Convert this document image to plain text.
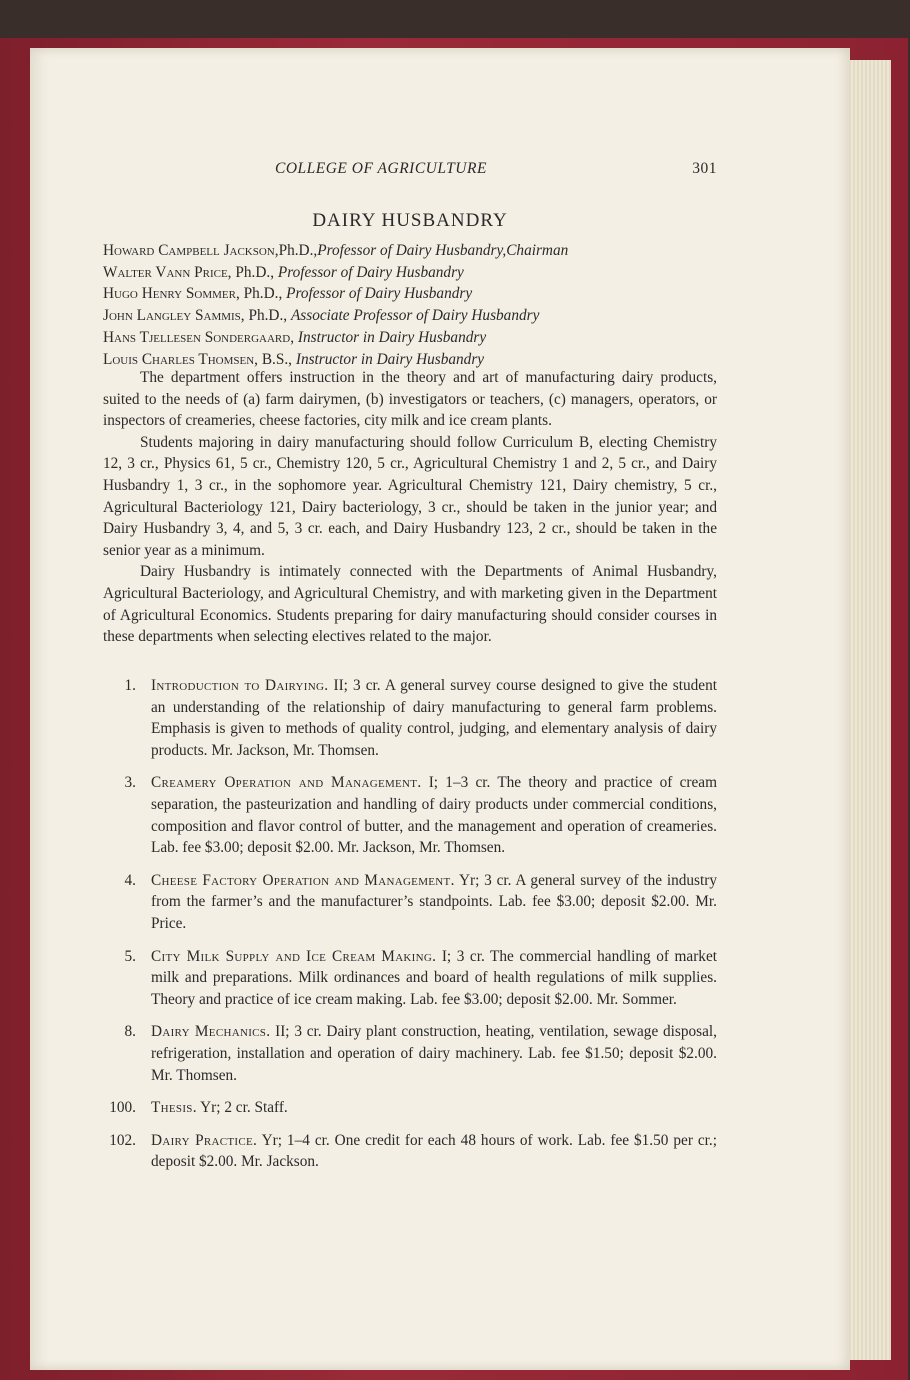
COLLEGE OF AGRICULTURE	301
DAIRY HUSBANDRY
Howard Campbell Jackson,Ph.D.,Professor of Dairy Husbandry,Chairman
Walter Vann Price, Ph.D., Professor of Dairy Husbandry
Hugo Henry Sommer, Ph.D., Professor of Dairy Husbandry
John Langley Sammis, Ph.D., Associate Professor of Dairy Husbandry
Hans Tjellesen Sondergaard, Instructor in Dairy Husbandry
Louis Charles Thomsen, B.S., Instructor in Dairy Husbandry

The department offers instruction in the theory and art of manufacturing dairy products, suited to the needs of (a) farm dairymen, (b) investigators or teachers, (c) managers, operators, or inspectors of creameries, cheese factories, city milk and ice cream plants.

Students majoring in dairy manufacturing should follow Curriculum B, electing Chemistry 12, 3 cr., Physics 61, 5 cr., Chemistry 120, 5 cr., Agricultural Chemistry 1 and 2, 5 cr., and Dairy Husbandry 1, 3 cr., in the sophomore year. Agricultural Chemistry 121, Dairy chemistry, 5 cr., Agricultural Bacteriology 121, Dairy bacteriology, 3 cr., should be taken in the junior year; and Dairy Husbandry 3, 4, and 5, 3 cr. each, and Dairy Husbandry 123, 2 cr., should be taken in the senior year as a minimum.

Dairy Husbandry is intimately connected with the Departments of Animal Husbandry, Agricultural Bacteriology, and Agricultural Chemistry, and with marketing given in the Department of Agricultural Economics. Students preparing for dairy manufacturing should consider courses in these departments when selecting electives related to the major.

1. Introduction to Dairying. II; 3 cr. A general survey course designed to give the student an understanding of the relationship of dairy manufacturing to general farm problems. Emphasis is given to methods of quality control, judging, and elementary analysis of dairy products. Mr. Jackson, Mr. Thomsen.
3. Creamery Operation and Management. I; 1–3 cr. The theory and practice of cream separation, the pasteurization and handling of dairy products under commercial conditions, composition and flavor control of butter, and the management and operation of creameries. Lab. fee $3.00; deposit $2.00. Mr. Jackson, Mr. Thomsen.
4. Cheese Factory Operation and Management. Yr; 3 cr. A general survey of the industry from the farmer’s and the manufacturer’s standpoints. Lab. fee $3.00; deposit $2.00. Mr. Price.
5. City Milk Supply and Ice Cream Making. I; 3 cr. The commercial handling of market milk and preparations. Milk ordinances and board of health regulations of milk supplies. Theory and practice of ice cream making. Lab. fee $3.00; deposit $2.00. Mr. Sommer.
8. Dairy Mechanics. II; 3 cr. Dairy plant construction, heating, ventilation, sewage disposal, refrigeration, installation and operation of dairy machinery. Lab. fee $1.50; deposit $2.00. Mr. Thomsen.
100. Thesis. Yr; 2 cr. Staff.
102. Dairy Practice. Yr; 1–4 cr. One credit for each 48 hours of work. Lab. fee $1.50 per cr.; deposit $2.00. Mr. Jackson.
